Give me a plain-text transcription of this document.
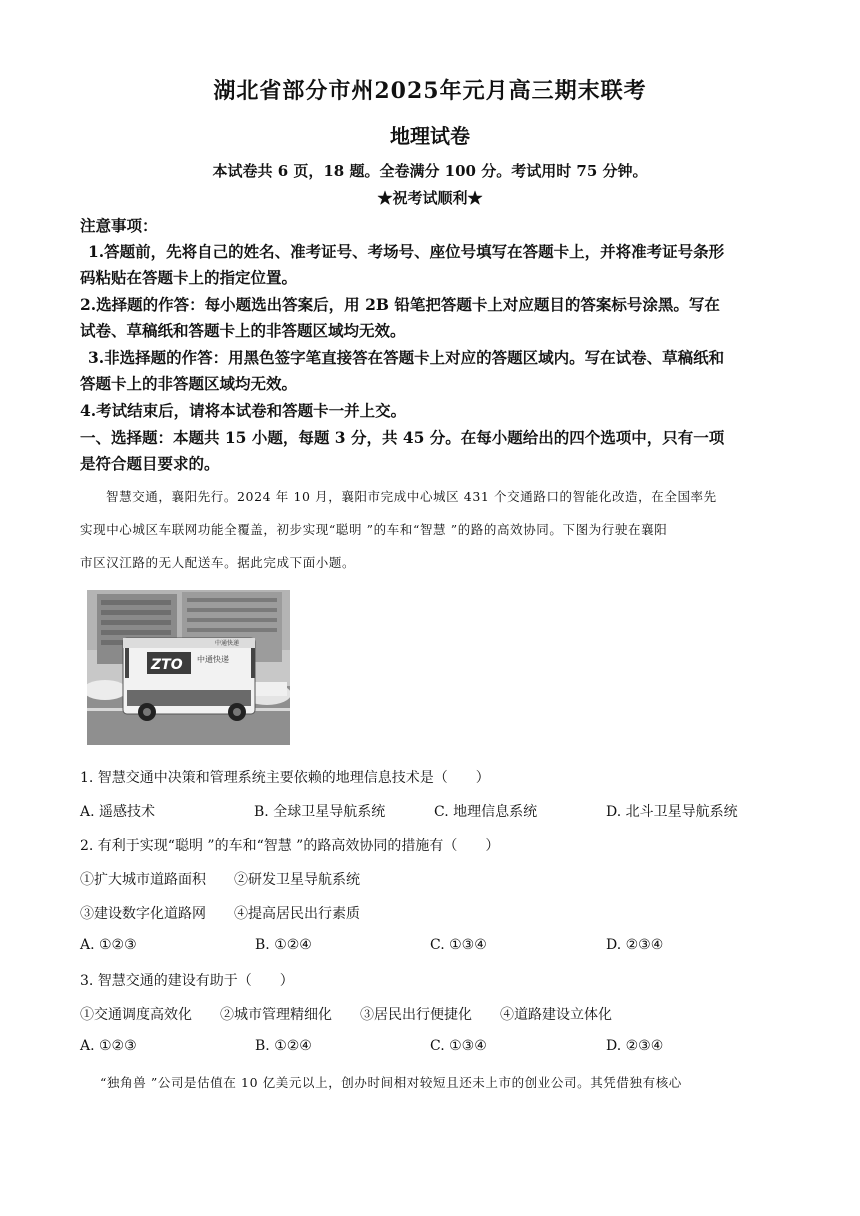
湖北省部分市州2025年元月高三期末联考
地理试卷
本试卷共 6 页，18 题。全卷满分 100 分。考试用时 75 分钟。
★祝考试顺利★
注意事项：
1.答题前，先将自己的姓名、准考证号、考场号、座位号填写在答题卡上，并将准考证号条形
码粘贴在答题卡上的指定位置。
2.选择题的作答：每小题选出答案后，用 2B 铅笔把答题卡上对应题目的答案标号涂黑。写在
试卷、草稿纸和答题卡上的非答题区域均无效。
3.非选择题的作答：用黑色签字笔直接答在答题卡上对应的答题区域内。写在试卷、草稿纸和
答题卡上的非答题区域均无效。
4.考试结束后，请将本试卷和答题卡一并上交。
一、选择题：本题共 15 小题，每题 3 分，共 45 分。在每小题给出的四个选项中，只有一项
是符合题目要求的。
智慧交通，襄阳先行。2024 年 10 月，襄阳市完成中心城区 431 个交通路口的智能化改造，在全国率先
实现中心城区车联网功能全覆盖，初步实现“聪明 ”的车和“智慧 ”的路的高效协同。下图为行驶在襄阳
市区汉江路的无人配送车。据此完成下面小题。
ZTO 中通快递
中通快递
1. 智慧交通中决策和管理系统主要依赖的地理信息技术是（　　）
A. 遥感技术	B. 全球卫星导航系统	C. 地理信息系统	D. 北斗卫星导航系统
2. 有利于实现“聪明 ”的车和“智慧 ”的路高效协同的措施有（　　）
①扩大城市道路面积　　②研发卫星导航系统
③建设数字化道路网　　④提高居民出行素质
A. ①②③	B. ①②④	C. ①③④	D. ②③④
3. 智慧交通的建设有助于（　　）
①交通调度高效化　　②城市管理精细化　　③居民出行便捷化　　④道路建设立体化
A. ①②③	B. ①②④	C. ①③④	D. ②③④
“独角兽 ”公司是估值在 10 亿美元以上，创办时间相对较短且还未上市的创业公司。其凭借独有核心
